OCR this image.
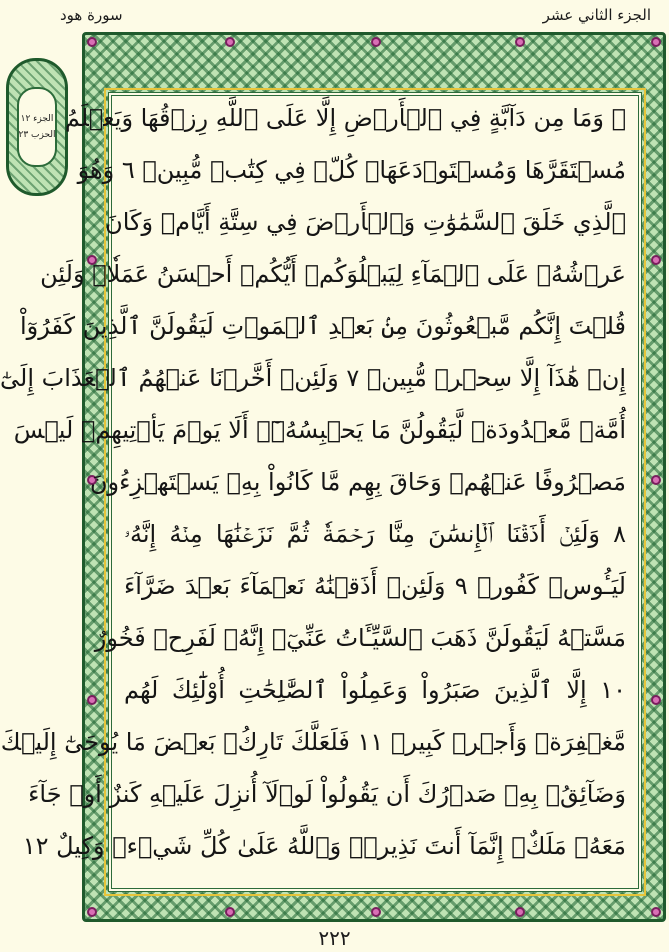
سورة هود	الجزء الثاني عشر
الجزء ١٢
الحزب ٢٣
۞ وَمَا مِن دَآبَّةٍ فِي ٱلۡأَرۡضِ إِلَّا عَلَى ٱللَّهِ رِزۡقُهَا وَيَعۡلَمُ
مُسۡتَقَرَّهَا وَمُسۡتَوۡدَعَهَاۚ كُلّٞ فِي كِتَٰبٖ مُّبِينٖ ٦ وَهُوَ
ٱلَّذِي خَلَقَ ٱلسَّمَٰوَٰتِ وَٱلۡأَرۡضَ فِي سِتَّةِ أَيَّامٖ وَكَانَ
عَرۡشُهُۥ عَلَى ٱلۡمَآءِ لِيَبۡلُوَكُمۡ أَيُّكُمۡ أَحۡسَنُ عَمَلٗاۗ وَلَئِن
قُلۡتَ إِنَّكُم مَّبۡعُوثُونَ مِنۢ بَعۡدِ ٱلۡمَوۡتِ لَيَقُولَنَّ ٱلَّذِينَ كَفَرُوٓاْ
إِنۡ هَٰذَآ إِلَّا سِحۡرٞ مُّبِينٞ ٧ وَلَئِنۡ أَخَّرۡنَا عَنۡهُمُ ٱلۡعَذَابَ إِلَىٰٓ
أُمَّةٖ مَّعۡدُودَةٖ لَّيَقُولُنَّ مَا يَحۡبِسُهُۥٓۗ أَلَا يَوۡمَ يَأۡتِيهِمۡ لَيۡسَ
مَصۡرُوفًا عَنۡهُمۡ وَحَاقَ بِهِم مَّا كَانُواْ بِهِۦ يَسۡتَهۡزِءُونَ
٨ وَلَئِنۡ أَذَقۡنَا ٱلۡإِنسَٰنَ مِنَّا رَحۡمَةٗ ثُمَّ نَزَعۡنَٰهَا مِنۡهُ إِنَّهُۥ
لَيَـُٔوسٞ كَفُورٞ ٩ وَلَئِنۡ أَذَقۡنَٰهُ نَعۡمَآءَ بَعۡدَ ضَرَّآءَ
مَسَّتۡهُ لَيَقُولَنَّ ذَهَبَ ٱلسَّيِّـَٔاتُ عَنِّيٓۚ إِنَّهُۥ لَفَرِحٞ فَخُورٌ
١٠ إِلَّا ٱلَّذِينَ صَبَرُواْ وَعَمِلُواْ ٱلصَّٰلِحَٰتِ أُوْلَٰٓئِكَ لَهُم
مَّغۡفِرَةٞ وَأَجۡرٞ كَبِيرٞ ١١ فَلَعَلَّكَ تَارِكُۢ بَعۡضَ مَا يُوحَىٰٓ إِلَيۡكَ
وَضَآئِقُۢ بِهِۦ صَدۡرُكَ أَن يَقُولُواْ لَوۡلَآ أُنزِلَ عَلَيۡهِ كَنزٌ أَوۡ جَآءَ
مَعَهُۥ مَلَكٌۚ إِنَّمَآ أَنتَ نَذِيرٞۚ وَٱللَّهُ عَلَىٰ كُلِّ شَيۡءٖ وَكِيلٌ ١٢
٢٢٢
